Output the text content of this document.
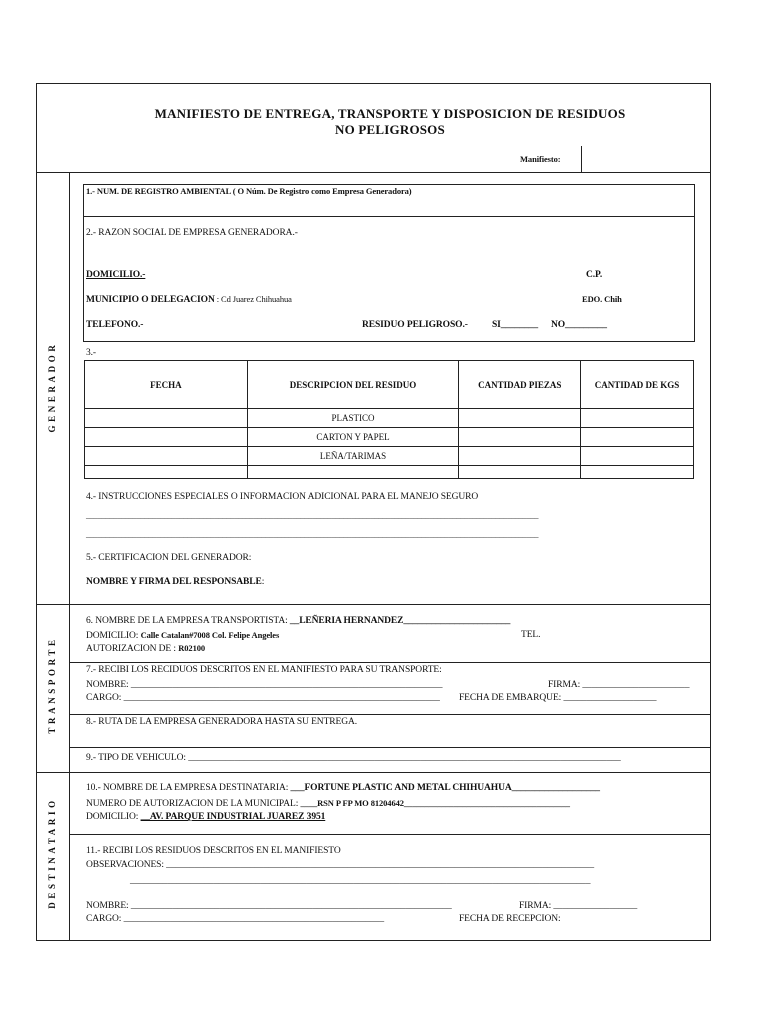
MANIFIESTO DE ENTREGA, TRANSPORTE Y DISPOSICION DE RESIDUOS
NO PELIGROSOS
Manifiesto:
GENERADOR
TRANSPORTE
DESTINATARIO
1.- NUM. DE REGISTRO AMBIENTAL ( O Núm. De Registro como Empresa Generadora)
2.- RAZON SOCIAL DE EMPRESA GENERADORA.-
DOMICILIO.-	C.P.
MUNICIPIO O DELEGACION : Cd Juarez Chihuahua	EDO. Chih
TELEFONO.-	RESIDUO PELIGROSO.-	SI________ NO_________
3.-
FECHA	DESCRIPCION DEL RESIDUO	CANTIDAD PIEZAS	CANTIDAD DE KGS
	PLASTICO		
	CARTON Y PAPEL		
	LEÑA/TARIMAS		

4.- INSTRUCCIONES ESPECIALES O INFORMACION ADICIONAL PARA EL MANEJO SEGURO
____________________________________________________________________________________________________________________
____________________________________________________________________________________________________________________
5.- CERTIFICACION DEL GENERADOR:
NOMBRE Y FIRMA DEL RESPONSABLE:
6. NOMBRE DE LA EMPRESA TRANSPORTISTA: __LEÑERIA HERNANDEZ_______________________
DOMICILIO: Calle Catalan#7008 Col. Felipe Angeles	TEL.
AUTORIZACION DE : R02100
7.- RECIBI LOS RECIDUOS DESCRITOS EN EL MANIFIESTO PARA SU TRANSPORTE:
NOMBRE: ___________________________________________________________________	FIRMA: _______________________
CARGO: ____________________________________________________________________ FECHA DE EMBARQUE: ____________________
8.- RUTA DE LA EMPRESA GENERADORA HASTA SU ENTREGA.
9.- TIPO DE VEHICULO: _____________________________________________________________________________________________
10.- NOMBRE DE LA EMPRESA DESTINATARIA: ___FORTUNE PLASTIC AND METAL CHIHUAHUA___________________
NUMERO DE AUTORIZACION DE LA MUNICIPAL: ____RSN P FP MO 81204642________________________________________
DOMICILIO: __AV. PARQUE INDUSTRIAL JUAREZ 3951
11.- RECIBI LOS RESIDUOS DESCRITOS EN EL MANIFIESTO
OBSERVACIONES: ____________________________________________________________________________________________
___________________________________________________________________________________________________
NOMBRE: _____________________________________________________________________	FIRMA: __________________
CARGO: ________________________________________________________	FECHA DE RECEPCION:
